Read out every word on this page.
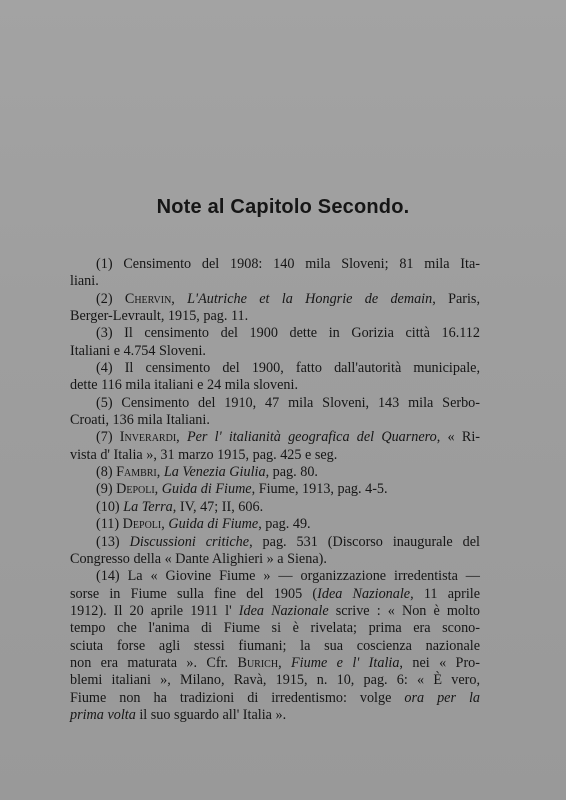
Note al Capitolo Secondo.
(1) Censimento del 1908: 140 mila Sloveni; 81 mila Ita-
liani.
(2) Chervin, L'Autriche et la Hongrie de demain, Paris,
Berger-Levrault, 1915, pag. 11.
(3) Il censimento del 1900 dette in Gorizia città 16.112
Italiani e 4.754 Sloveni.
(4) Il censimento del 1900, fatto dall'autorità municipale,
dette 116 mila italiani e 24 mila sloveni.
(5) Censimento del 1910, 47 mila Sloveni, 143 mila Serbo-
Croati, 136 mila Italiani.
(7) Inverardi, Per l' italianità geografica del Quarnero, « Ri-
vista d' Italia », 31 marzo 1915, pag. 425 e seg.
(8) Fambri, La Venezia Giulia, pag. 80.
(9) Depoli, Guida di Fiume, Fiume, 1913, pag. 4-5.
(10) La Terra, IV, 47; II, 606.
(11) Depoli, Guida di Fiume, pag. 49.
(13) Discussioni critiche, pag. 531 (Discorso inaugurale del
Congresso della « Dante Alighieri » a Siena).
(14) La « Giovine Fiume » — organizzazione irredentista —
sorse in Fiume sulla fine del 1905 (Idea Nazionale, 11 aprile
1912). Il 20 aprile 1911 l' Idea Nazionale scrive : « Non è molto
tempo che l'anima di Fiume si è rivelata; prima era scono-
sciuta forse agli stessi fiumani; la sua coscienza nazionale
non era maturata ». Cfr. Burich, Fiume e l' Italia, nei « Pro-
blemi italiani », Milano, Ravà, 1915, n. 10, pag. 6: « È vero,
Fiume non ha tradizioni di irredentismo: volge ora per la
prima volta il suo sguardo all' Italia ».
